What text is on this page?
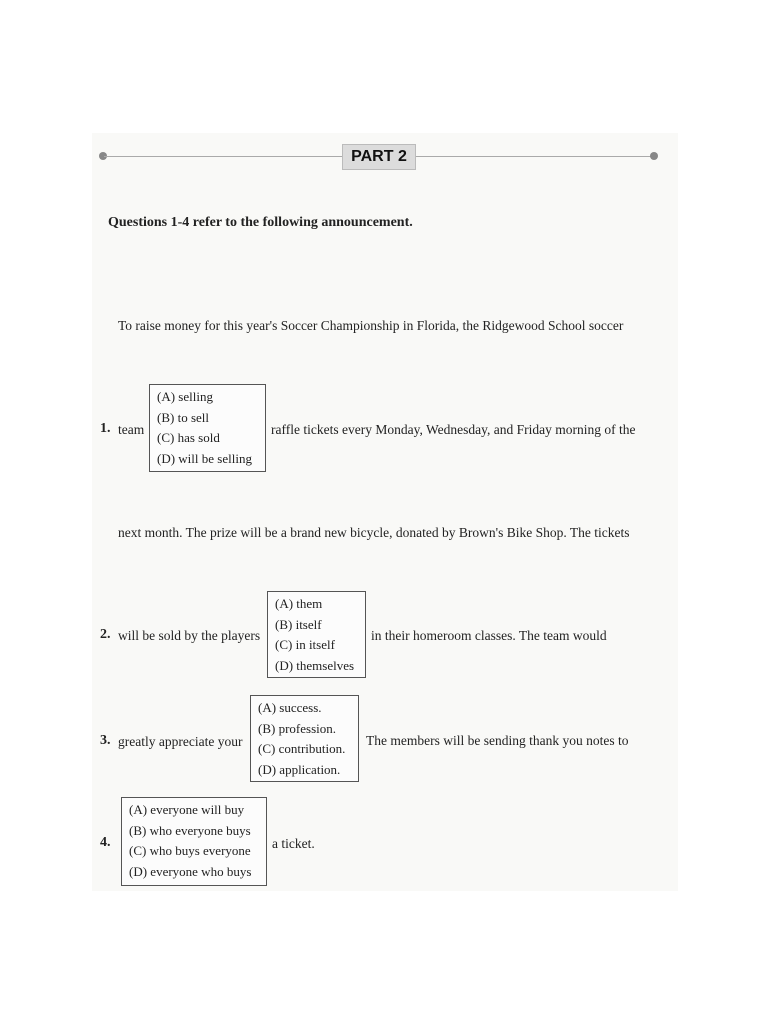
PART 2
Questions 1-4 refer to the following announcement.
To raise money for this year's Soccer Championship in Florida, the Ridgewood School soccer
1. team
(A) selling
(B) to sell
(C) has sold
(D) will be selling
raffle tickets every Monday, Wednesday, and Friday morning of the
next month. The prize will be a brand new bicycle, donated by Brown's Bike Shop. The tickets
2. will be sold by the players
(A) them
(B) itself
(C) in itself
(D) themselves
in their homeroom classes. The team would
3. greatly appreciate your
(A) success.
(B) profession.
(C) contribution.
(D) application.
The members will be sending thank you notes to
4.
(A) everyone will buy
(B) who everyone buys
(C) who buys everyone
(D) everyone who buys
a ticket.
